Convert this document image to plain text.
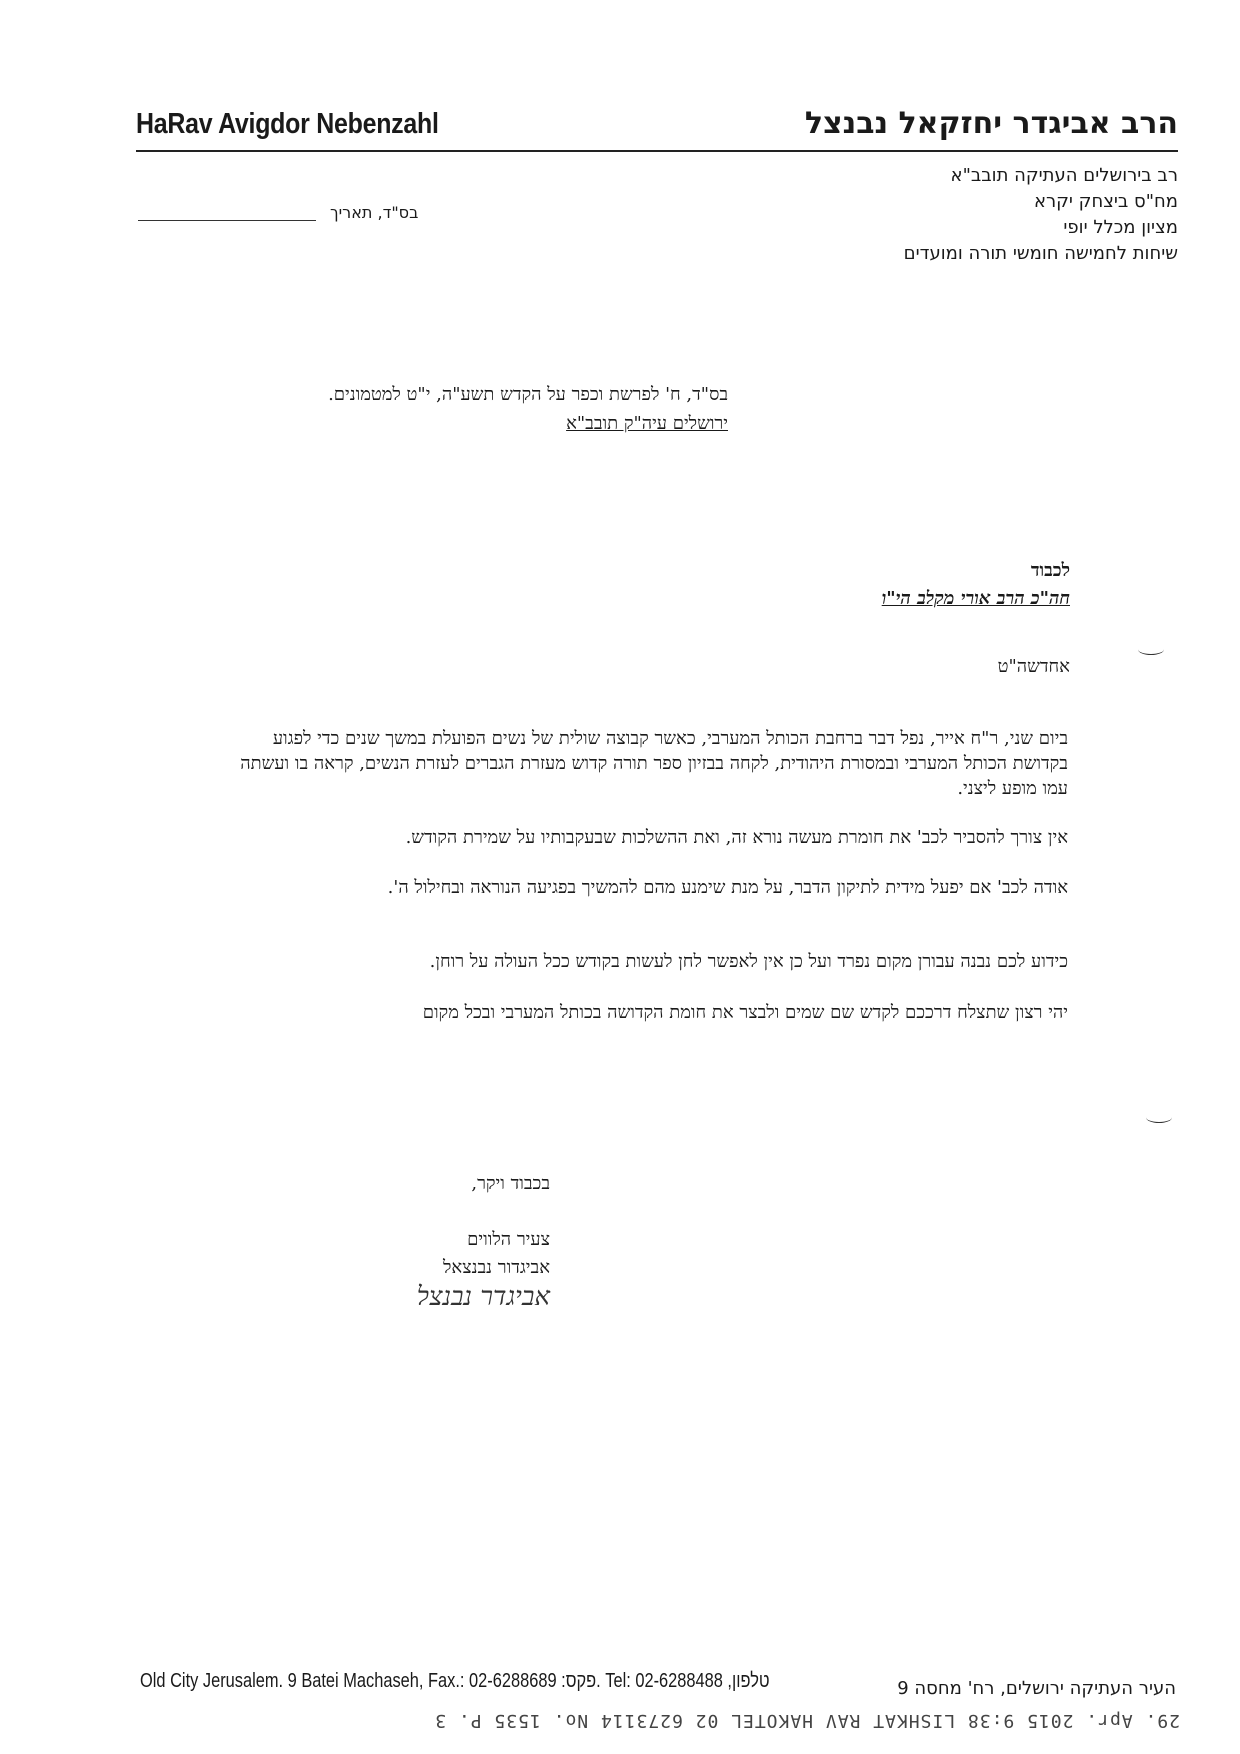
HaRav Avigdor Nebenzahl	הרב אביגדר יחזקאל נבנצל
רב בירושלים העתיקה תובב"א
מח"ס ביצחק יקרא
מציון מכלל יופי
שיחות לחמישה חומשי תורה ומועדים
בס"ד, תאריך
בס"ד, ח' לפרשת וכפר על הקדש תשע"ה, י"ט למטמונים.
ירושלים עיה"ק תובב"א
לכבוד
חה"כ הרב אורי מקלב הי"ו
אחדשה"ט
ביום שני, ר"ח אייר, נפל דבר ברחבת הכותל המערבי, כאשר קבוצה שולית של נשים הפועלת במשך שנים כדי לפגוע בקדושת הכותל המערבי ובמסורת היהודית, לקחה בבזיון ספר תורה קדוש מעזרת הגברים לעזרת הנשים, קראה בו ועשתה עמו מופע ליצני.
אין צורך להסביר לכב' את חומרת מעשה נורא זה, ואת ההשלכות שבעקבותיו על שמירת הקודש.
אודה לכב' אם יפעל מידית לתיקון הדבר, על מנת שימנע מהם להמשיך בפגיעה הנוראה ובחילול ה'.
כידוע לכם נבנה עבורן מקום נפרד ועל כן אין לאפשר לחן לעשות בקודש ככל העולה על רוחן.
יהי רצון שתצלח דרככם לקדש שם שמים ולבצר את חומת הקדושה בכותל המערבי ובכל מקום
בכבוד ויקר,
צעיר הלווים
אביגדור נבנצאל
אביגדר נבנצל
Old City Jerusalem. 9 Batei Machaseh, Fax.: 02-6288689 :פקס. Tel: 02-6288488 ,טלפון	העיר העתיקה ירושלים, רח' מחסה 9
29. Apr. 2015 9:38 LISHKAT RAV HAKOTEL 02 6273114 No. 1535 P. 3
